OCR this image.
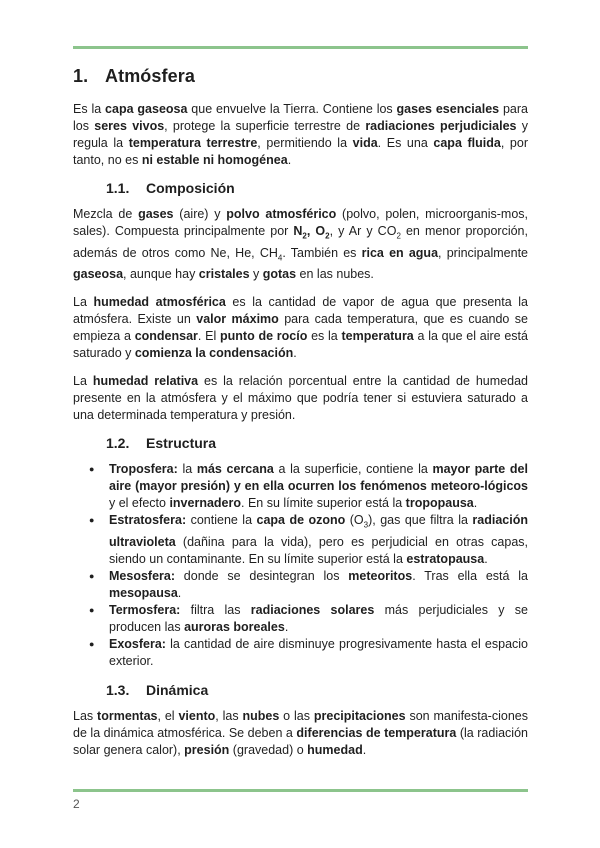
1. Atmósfera

Es la capa gaseosa que envuelve la Tierra. Contiene los gases esenciales para los seres vivos, protege la superficie terrestre de radiaciones perjudiciales y regula la temperatura terrestre, permitiendo la vida. Es una capa fluida, por tanto, no es ni estable ni homogénea.

1.1. Composición

Mezcla de gases (aire) y polvo atmosférico (polvo, polen, microorganis-mos, sales). Compuesta principalmente por $N_2$, $O_2$, y Ar y $CO_2$ en menor proporción, además de otros como Ne, He, $CH_4$. También es rica en agua, principalmente gaseosa, aunque hay cristales y gotas en las nubes.

La humedad atmosférica es la cantidad de vapor de agua que presenta la atmósfera. Existe un valor máximo para cada temperatura, que es cuando se empieza a condensar. El punto de rocío es la temperatura a la que el aire está saturado y comienza la condensación.

La humedad relativa es la relación porcentual entre la cantidad de humedad presente en la atmósfera y el máximo que podría tener si estuviera saturado a una determinada temperatura y presión.

1.2. Estructura
● Troposfera: la más cercana a la superficie, contiene la mayor parte del aire (mayor presión) y en ella ocurren los fenómenos meteoro-lógicos y el efecto invernadero. En su límite superior está la tropopausa.
● Estratosfera: contiene la capa de ozono $(O_3)$, gas que filtra la radiación ultravioleta (dañina para la vida), pero es perjudicial en otras capas, siendo un contaminante. En su límite superior está la estratopausa.
● Mesosfera: donde se desintegran los meteoritos. Tras ella está la mesopausa.
● Termosfera: filtra las radiaciones solares más perjudiciales y se producen las auroras boreales.
● Exosfera: la cantidad de aire disminuye progresivamente hasta el espacio exterior.
1.3. Dinámica

Las tormentas, el viento, las nubes o las precipitaciones son manifesta-ciones de la dinámica atmosférica. Se deben a diferencias de temperatura (la radiación solar genera calor), presión (gravedad) o humedad.

2
